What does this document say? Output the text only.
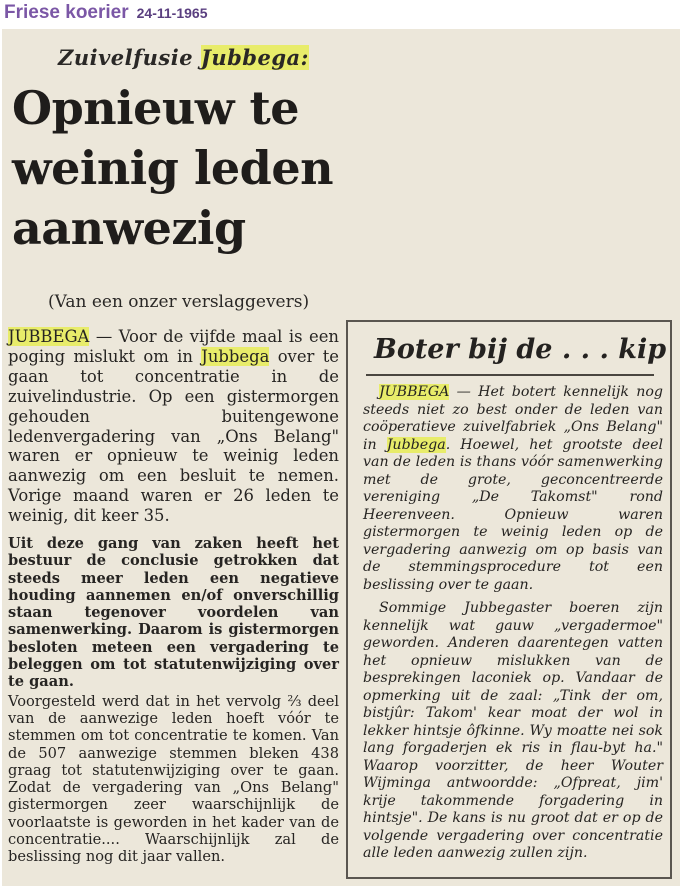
Friese koerier 24-11-1965
Zuivelfusie Jubbega:
Opnieuw te
weinig leden
aanwezig
(Van een onzer verslaggevers)
JUBBEGA — Voor de vijfde maal is een poging mislukt om in Jubbega over te gaan tot concentratie in de zuivelindustrie. Op een gistermorgen gehouden buitengewone ledenvergadering van „Ons Belang" waren er opnieuw te weinig leden aanwezig om een besluit te nemen. Vorige maand waren er 26 leden te weinig, dit keer 35.

Uit deze gang van zaken heeft het bestuur de conclusie getrokken dat steeds meer leden een negatieve houding aannemen en/of onverschillig staan tegenover voordelen van samenwerking. Daarom is gistermorgen besloten meteen een vergadering te beleggen om tot statutenwijziging over te gaan.

Voorgesteld werd dat in het vervolg ⅔ deel van de aanwezige leden hoeft vóór te stemmen om tot concentratie te komen. Van de 507 aanwezige stemmen bleken 438 graag tot statutenwijziging over te gaan. Zodat de vergadering van „Ons Belang" gistermorgen zeer waarschijnlijk de voorlaatste is geworden in het kader van de concentratie.... Waarschijnlijk zal de beslissing nog dit jaar vallen.

Boter bij de . . . kip

JUBBEGA — Het botert kennelijk nog steeds niet zo best onder de leden van coöperatieve zuivelfabriek „Ons Belang" in Jubbega. Hoewel, het grootste deel van de leden is thans vóór samenwerking met de grote, geconcentreerde vereniging „De Takomst" rond Heerenveen. Opnieuw waren gistermorgen te weinig leden op de vergadering aanwezig om op basis van de stemmingsprocedure tot een beslissing over te gaan.

Sommige Jubbegaster boeren zijn kennelijk wat gauw „vergadermoe" geworden. Anderen daarentegen vatten het opnieuw mislukken van de besprekingen laconiek op. Vandaar de opmerking uit de zaal: „Tink der om, bistjûr: Takom' kear moat der wol in lekker hintsje ôfkinne. Wy moatte nei sok lang forgaderjen ek ris in flau-byt ha." Waarop voorzitter, de heer Wouter Wijminga antwoordde: „Ofpreat, jim' krije takommende forgadering in hintsje". De kans is nu groot dat er op de volgende vergadering over concentratie alle leden aanwezig zullen zijn.
